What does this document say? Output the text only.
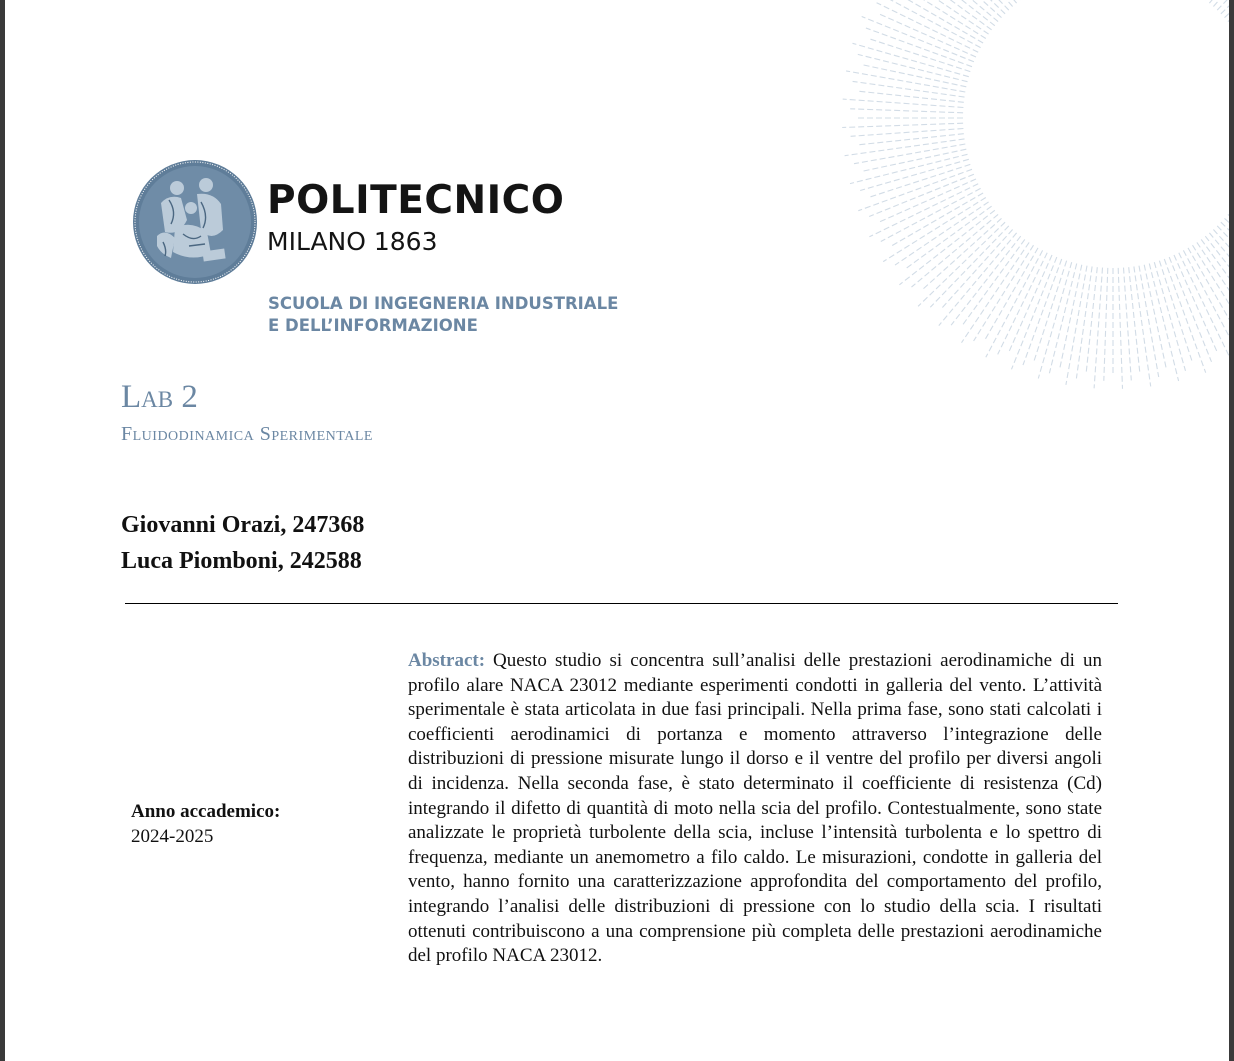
POLITECNICO
MILANO 1863
SCUOLA DI INGEGNERIA INDUSTRIALE
E DELL’INFORMAZIONE
Lab 2
Fluidodinamica Sperimentale
Giovanni Orazi, 247368
Luca Piomboni, 242588
Anno accademico:
2024-2025
Abstract: Questo studio si concentra sull’analisi delle prestazioni aerodinamiche di un profilo alare NACA 23012 mediante esperimenti condotti in galleria del vento. L’attività sperimentale è stata articolata in due fasi principali. Nella prima fase, sono stati calcolati i coefficienti aerodinamici di portanza e momento attraverso l’integrazione delle distribuzioni di pressione misurate lungo il dorso e il ventre del profilo per diversi angoli di incidenza. Nella seconda fase, è stato determinato il coefficiente di resistenza (Cd) integrando il difetto di quantità di moto nella scia del profilo. Contestualmente, sono state analizzate le proprietà turbolente della scia, incluse l’intensità turbolenta e lo spettro di frequenza, mediante un anemometro a filo caldo. Le misurazioni, condotte in galleria del vento, hanno fornito una caratterizzazione approfondita del comportamento del profilo, integrando l’analisi delle distribuzioni di pressione con lo studio della scia. I risultati ottenuti contribuiscono a una comprensione più completa delle prestazioni aerodinamiche del profilo NACA 23012.
